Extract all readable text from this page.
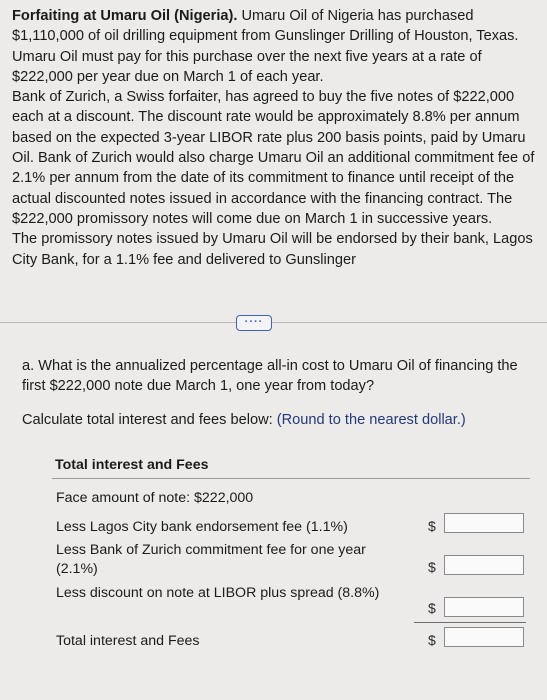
Forfaiting at Umaru Oil (Nigeria). Umaru Oil of Nigeria has purchased $1,110,000 of oil drilling equipment from Gunslinger Drilling of Houston, Texas. Umaru Oil must pay for this purchase over the next five years at a rate of $222,000 per year due on March 1 of each year.

Bank of Zurich, a Swiss forfaiter, has agreed to buy the five notes of $222,000 each at a discount. The discount rate would be approximately 8.8% per annum based on the expected 3-year LIBOR rate plus 200 basis points, paid by Umaru Oil. Bank of Zurich would also charge Umaru Oil an additional commitment fee of 2.1% per annum from the date of its commitment to finance until receipt of the actual discounted notes issued in accordance with the financing contract. The $222,000 promissory notes will come due on March 1 in successive years.

The promissory notes issued by Umaru Oil will be endorsed by their bank, Lagos City Bank, for a 1.1% fee and delivered to Gunslinger

····

a. What is the annualized percentage all-in cost to Umaru Oil of financing the first $222,000 note due March 1, one year from today?

Calculate total interest and fees below: (Round to the nearest dollar.)
Total interest and Fees
Face amount of note: $222,000
Less Lagos City bank endorsement fee (1.1%)	$
Less Bank of Zurich commitment fee for one year (2.1%)	$
Less discount on note at LIBOR plus spread (8.8%)
$
Total interest and Fees	$
